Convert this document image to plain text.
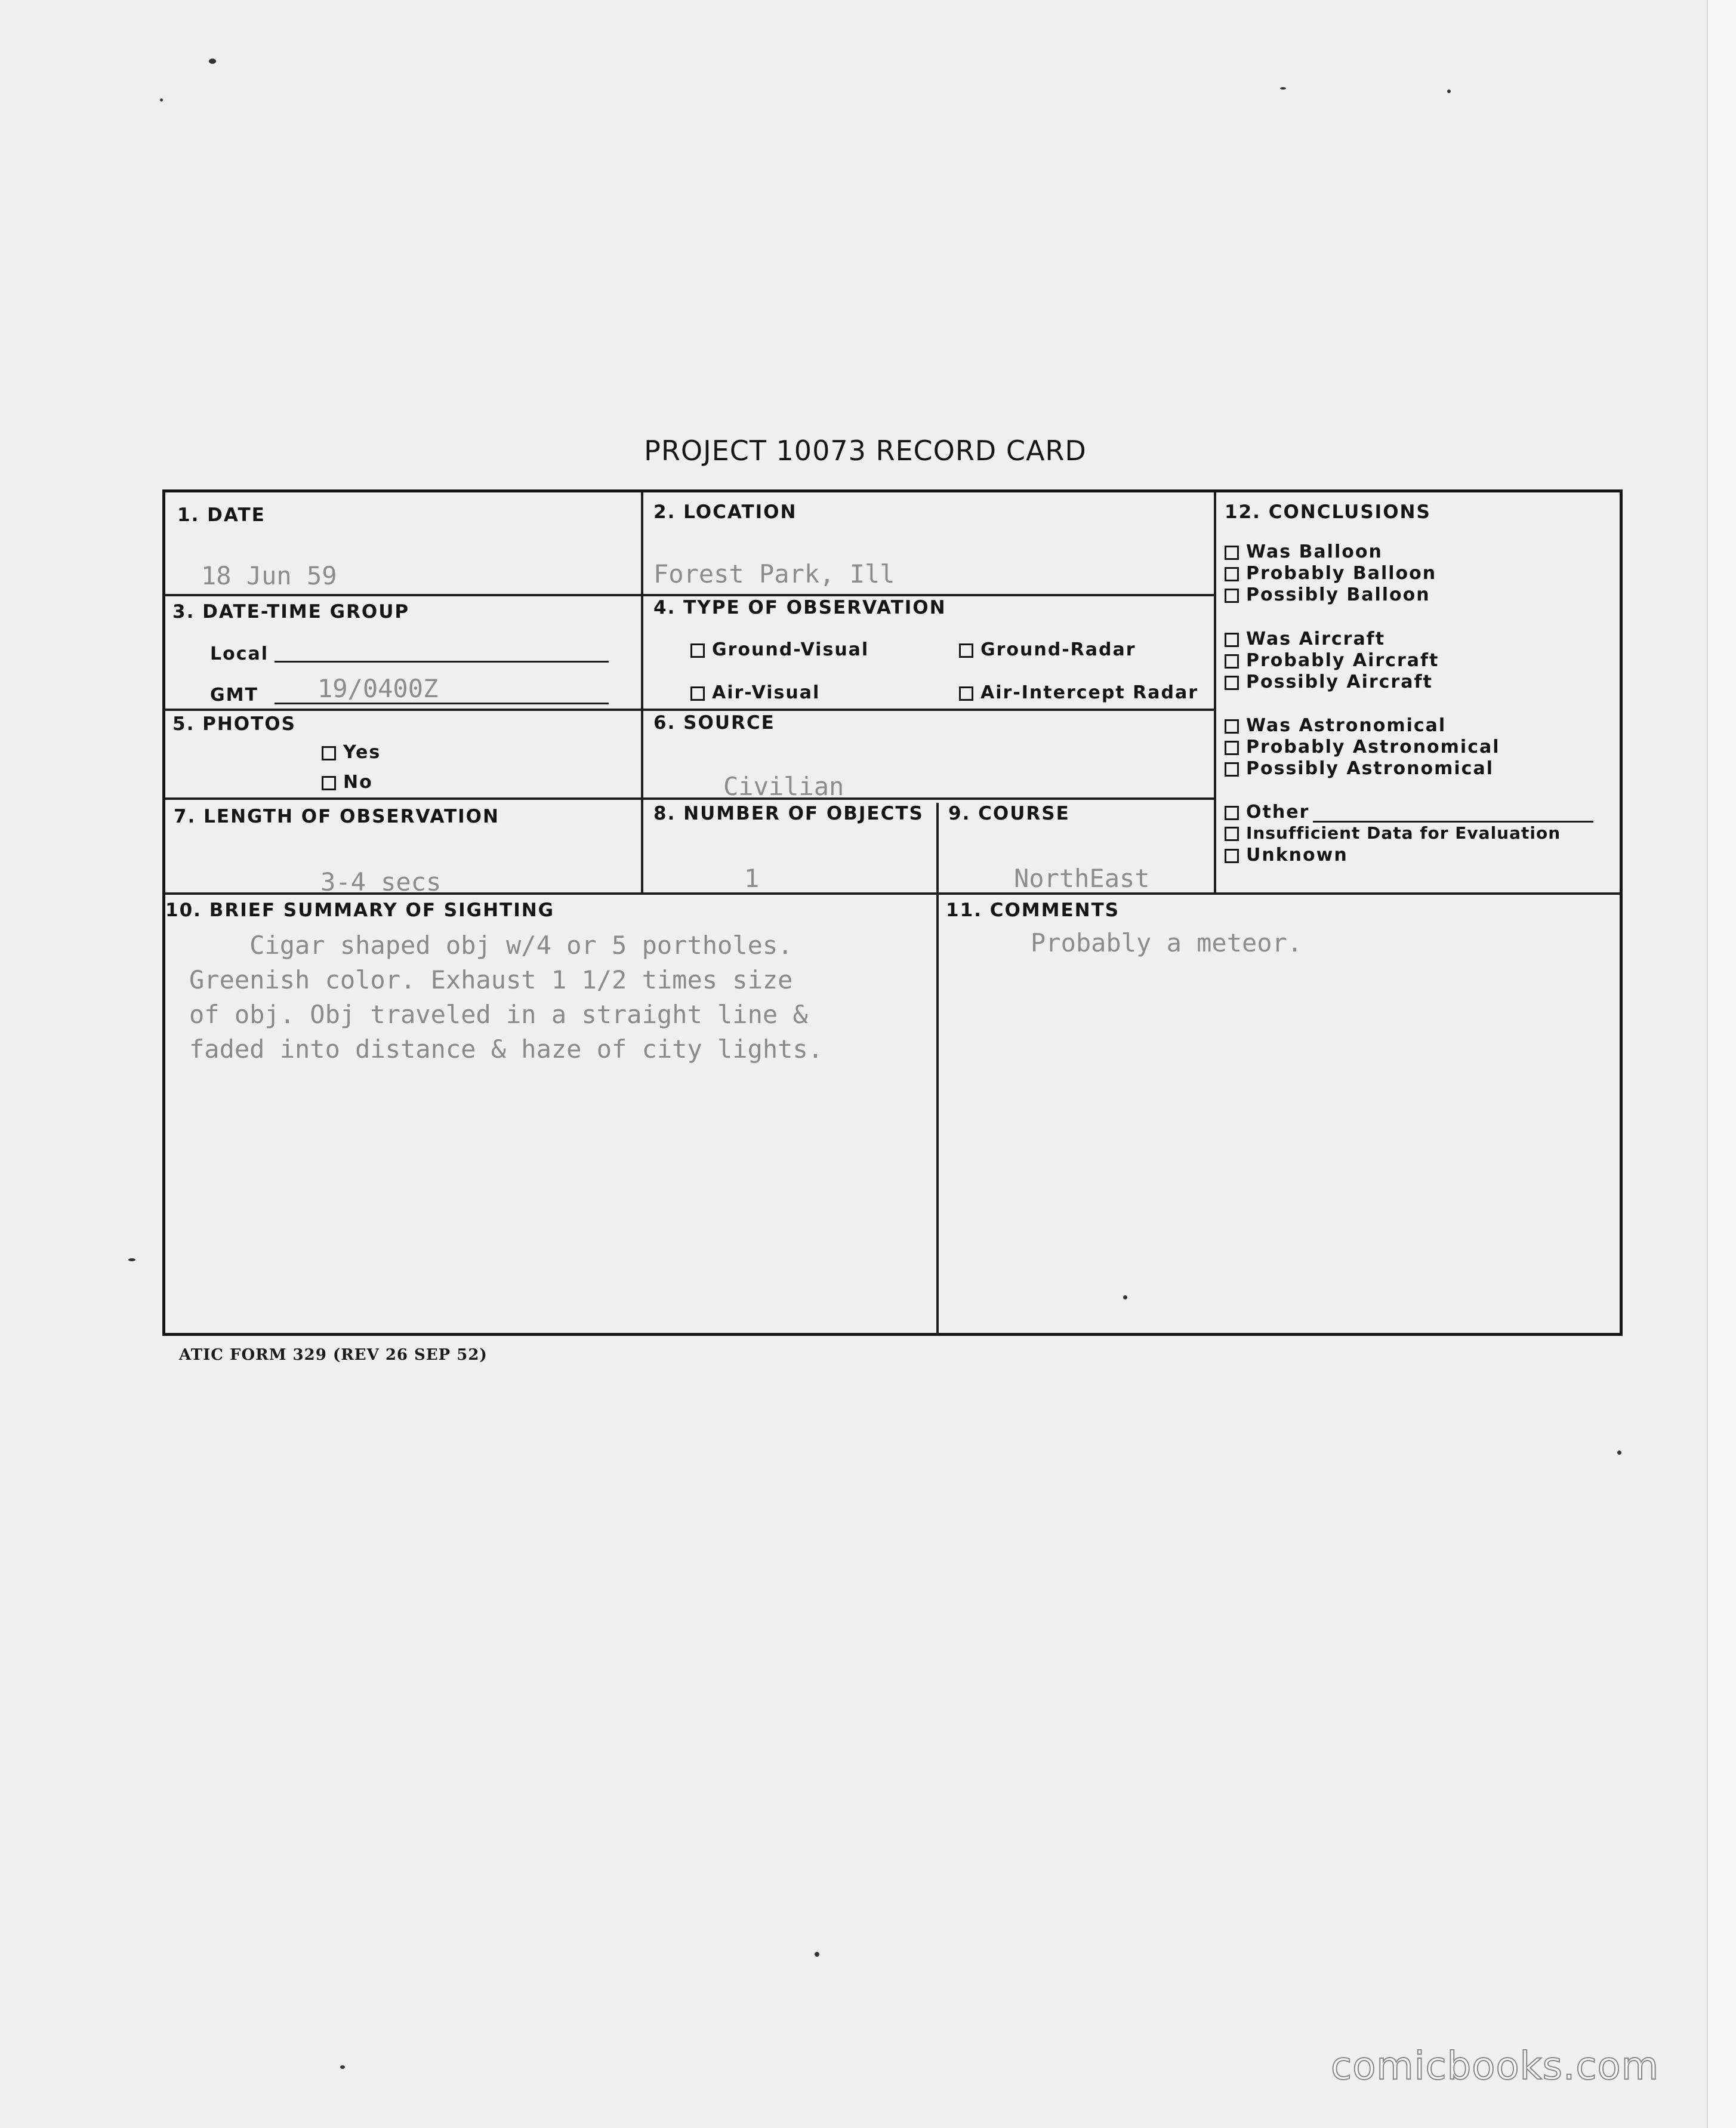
PROJECT 10073 RECORD CARD
1. DATE
18 Jun 59
2. LOCATION
Forest Park, Ill
3. DATE-TIME GROUP
Local
GMT 19/0400Z
4. TYPE OF OBSERVATION
Ground-Visual	Ground-Radar
Air-Visual	Air-Intercept Radar
5. PHOTOS
Yes
No
6. SOURCE
Civilian
7. LENGTH OF OBSERVATION
3-4 secs
8. NUMBER OF OBJECTS
1
9. COURSE
NorthEast
10. BRIEF SUMMARY OF SIGHTING
Cigar shaped obj w/4 or 5 portholes.
Greenish color. Exhaust 1 1/2 times size
of obj. Obj traveled in a straight line &
faded into distance & haze of city lights.
11. COMMENTS
Probably a meteor.
12. CONCLUSIONS
Was Balloon
Probably Balloon
Possibly Balloon
Was Aircraft
Probably Aircraft
Possibly Aircraft
Was Astronomical
Probably Astronomical
Possibly Astronomical
Other
Insufficient Data for Evaluation
Unknown
ATIC FORM 329 (REV 26 SEP 52)
comicbooks.com
